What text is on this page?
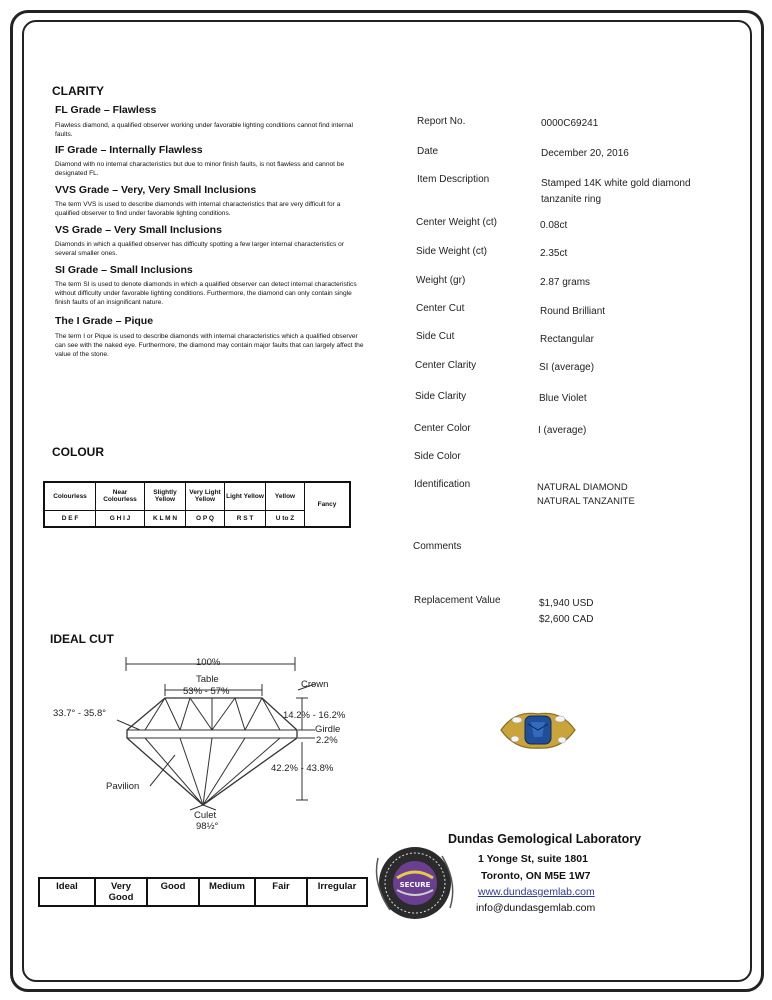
CLARITY
FL Grade – Flawless
Flawless diamond, a qualified observer working under favorable lighting conditions cannot find internal faults.
IF Grade – Internally Flawless
Diamond with no internal characteristics but due to minor finish faults, is not flawless and cannot be designated FL.
VVS Grade – Very, Very Small Inclusions
The term VVS is used to describe diamonds with internal characteristics that are very difficult for a qualified observer to find under favorable lighting conditions.
VS Grade – Very Small Inclusions
Diamonds in which a qualified observer has difficulty spotting a few larger internal characteristics or several smaller ones.
SI Grade – Small Inclusions
The term SI is used to denote diamonds in which a qualified observer can detect internal characteristics without difficulty under favorable lighting conditions. Furthermore, the diamond can only contain single finish faults of an insignificant nature.
The I Grade – Pique
The term I or Pique is used to describe diamonds with internal characteristics which a qualified observer can see with the naked eye. Furthermore, the diamond may contain major faults that can largely affect the value of the stone.
COLOUR
Colourless	Near Colourless	Slightly Yellow	Very Light Yellow	Light Yellow	Yellow	Fancy
D E F	G H I J	K L M N	O P Q	R S T	U to Z	
IDEAL CUT
100%
Table
53% - 57%
Crown
33.7° - 35.8°	14.2% - 16.2%
Girdle
2.2%
42.2% - 43.8%
Pavilion
Culet
98½°
Ideal	Very Good	Good	Medium	Fair	Irregular
Report No.	0000C69241
Date	December 20, 2016
Item Description	Stamped 14K white gold diamond tanzanite ring
Center Weight (ct)	0.08ct
Side Weight (ct)	2.35ct
Weight (gr)	2.87 grams
Center Cut	Round Brilliant
Side Cut	Rectangular
Center Clarity	SI (average)
Side Clarity	Blue Violet
Center Color	I (average)
Side Color
Identification	NATURAL DIAMOND
NATURAL TANZANITE
Comments
Replacement Value	$1,940 USD
$2,600 CAD
SECURE
Dundas Gemological Laboratory
1 Yonge St, suite 1801
Toronto, ON M5E 1W7
www.dundasgemlab.com
info@dundasgemlab.com
